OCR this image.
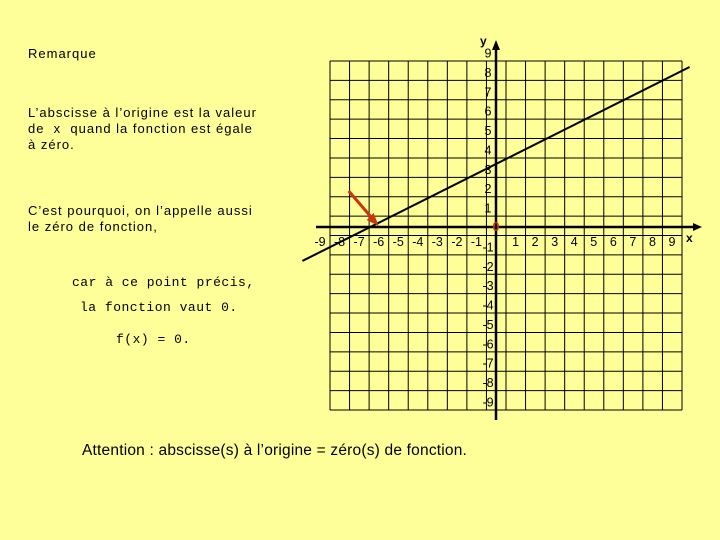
Remarque
L’abscisse à l’origine est la valeur
de  x  quand la fonction est égale
à zéro.
C’est pourquoi, on l’appelle aussi
le zéro de fonction,
car à ce point précis,
la fonction vaut 0.
f(x) = 0.
Attention : abscisse(s) à l’origine = zéro(s) de fonction.
x
y
-9 -8 -7 -6 -5 -4 -3 -2 -1 1 2 3 4 5 6 7 8 9
9
8
7
6
5
4
3
2
1
-1
-2
-3
-4
-5
-6
-7
-8
-9
0
